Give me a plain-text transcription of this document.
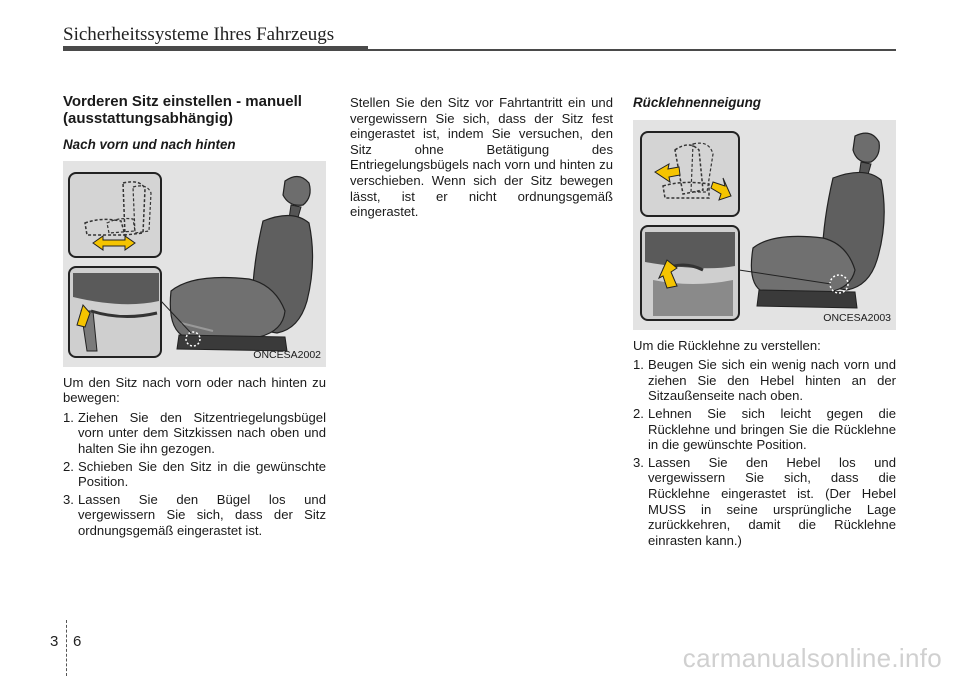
Sicherheitssysteme Ihres Fahrzeugs

Vorderen Sitz einstellen - manuell
(ausstattungsabhängig)

Nach vorn und nach hinten

ONCESA2002

Um den Sitz nach vorn oder nach hinten zu bewegen:

1. Ziehen Sie den Sitzentriegelungsbügel vorn unter dem Sitzkissen nach oben und halten Sie ihn gezogen.
2. Schieben Sie den Sitz in die gewünschte Position.
3. Lassen Sie den Bügel los und vergewissern Sie sich, dass der Sitz ordnungsgemäß eingerastet ist.

Stellen Sie den Sitz vor Fahrtantritt ein und vergewissern Sie sich, dass der Sitz fest eingerastet ist, indem Sie versuchen, den Sitz ohne Betätigung des Entriegelungsbügels nach vorn und hinten zu verschieben. Wenn sich der Sitz bewegen lässt, ist er nicht ordnungsgemäß eingerastet.

Rücklehnenneigung

ONCESA2003

Um die Rücklehne zu verstellen:

1. Beugen Sie sich ein wenig nach vorn und ziehen Sie den Hebel hinten an der Sitzaußenseite nach oben.
2. Lehnen Sie sich leicht gegen die Rücklehne und bringen Sie die Rücklehne in die gewünschte Position.
3. Lassen Sie den Hebel los und vergewissern Sie sich, dass die Rücklehne eingerastet ist. (Der Hebel MUSS in seine ursprüngliche Lage zurückkehren, damit die Rücklehne einrasten kann.)
3 6
carmanualsonline.info
